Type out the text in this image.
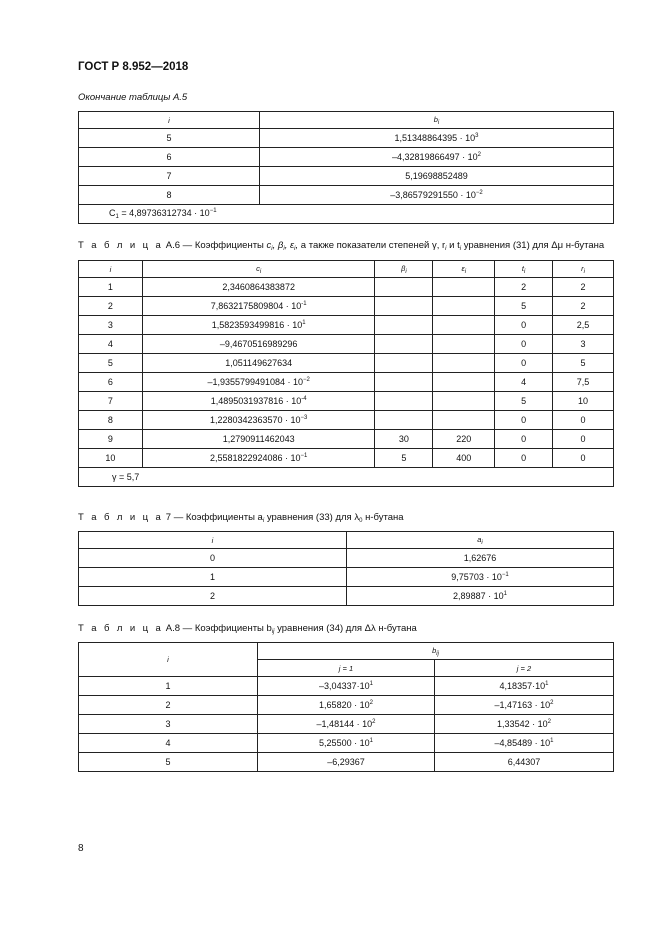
ГОСТ Р 8.952—2018
Окончание таблицы А.5
i	$b_i$
5	$1,51348864395 \cdot 10^3$
6	$-4,32819866497 \cdot 10^2$
7	5,19698852489
8	$-3,86579291550 \cdot 10^{-2}$
$C_1 = 4,89736312734 \cdot 10^{-1}$
Т а б л и ц а А.6 — Коэффициенты $c_i$, $\beta_i$, $\varepsilon_i$, а также показатели степеней γ, $r_i$ и $t_i$ уравнения (31) для Δμ н-бутана
i	$c_i$	$\beta_i$	$\varepsilon_i$	$t_i$	$r_i$
1	2,3460864383872			2	2
2	$7,8632175809804 \cdot 10^{-1}$			5	2
3	$1,5823593499816 \cdot 10^1$			0	2,5
4	–9,4670516989296			0	3
5	1,051149627634			0	5
6	$-1,9355799491084 \cdot 10^{-2}$			4	7,5
7	$1,4895031937816 \cdot 10^{-4}$			5	10
8	$1,2280342363570 \cdot 10^{-3}$			0	0
9	1,2790911462043	30	220	0	0
10	$2,5581822924086 \cdot 10^{-1}$	5	400	0	0
γ = 5,7					
Т а б л и ц а 7 — Коэффициенты $a_i$ уравнения (33) для $\lambda_0$ н-бутана
i	$a_i$
0	1,62676
1	$9,75703 \cdot 10^{-1}$
2	$2,89887 \cdot 10^1$
Т а б л и ц а А.8 — Коэффициенты $b_{ij}$ уравнения (34) для Δλ н-бутана
i	$b_{ij}$
	j = 1	j = 2
1	$-3,04337\cdot 10^1$	$4,18357\cdot 10^1$
2	$1,65820 \cdot 10^2$	$-1,47163 \cdot 10^2$
3	$-1,48144 \cdot 10^2$	$1,33542 \cdot 10^2$
4	$5,25500 \cdot 10^1$	$-4,85489 \cdot 10^1$
5	–6,29367	6,44307
8
